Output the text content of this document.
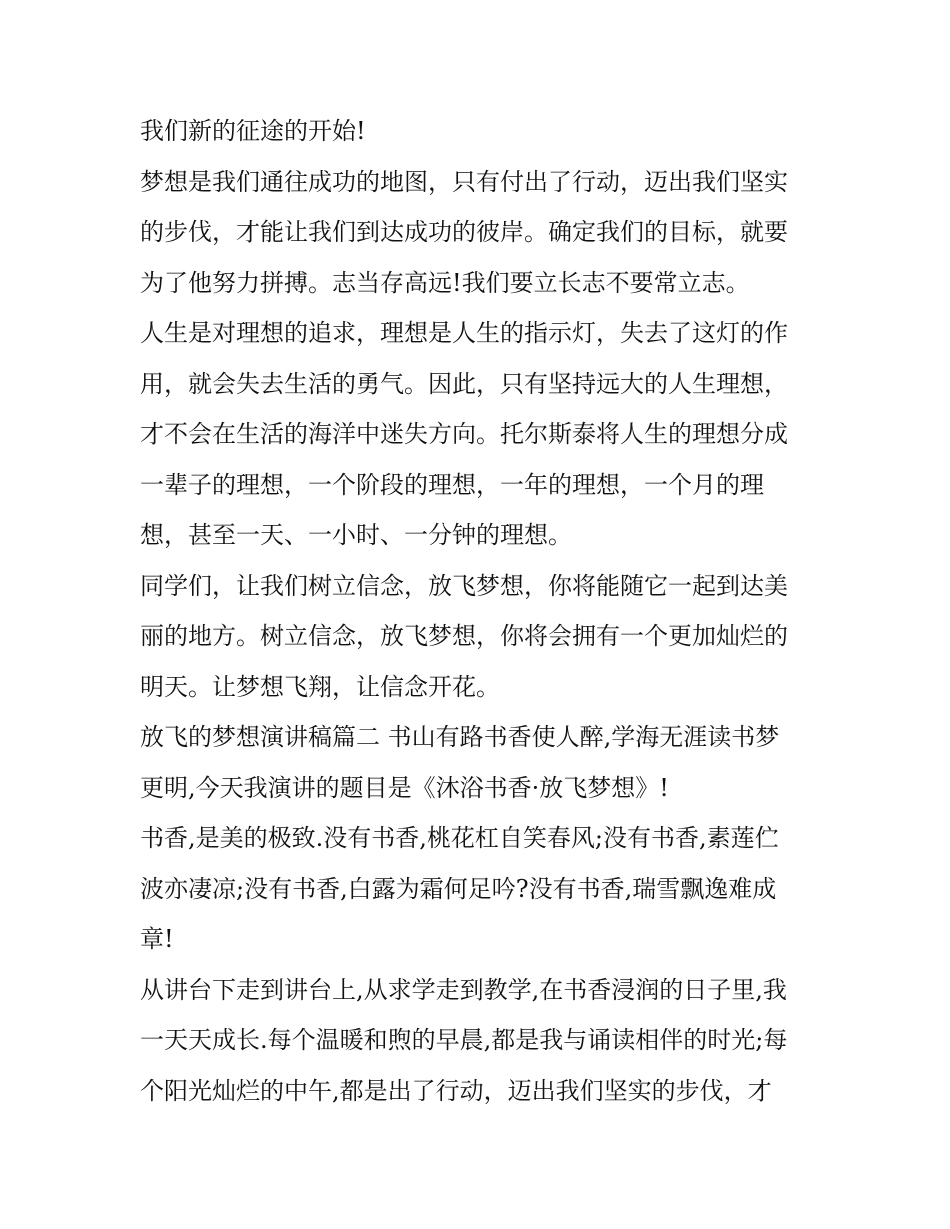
我们新的征途的开始!

梦想是我们通往成功的地图，只有付出了行动，迈出我们坚实
的步伐，才能让我们到达成功的彼岸。确定我们的目标，就要
为了他努力拼搏。志当存高远!我们要立长志不要常立志。

人生是对理想的追求，理想是人生的指示灯，失去了这灯的作
用，就会失去生活的勇气。因此，只有坚持远大的人生理想，
才不会在生活的海洋中迷失方向。托尔斯泰将人生的理想分成
一辈子的理想，一个阶段的理想，一年的理想，一个月的理
想，甚至一天、一小时、一分钟的理想。

同学们，让我们树立信念，放飞梦想，你将能随它一起到达美
丽的地方。树立信念，放飞梦想，你将会拥有一个更加灿烂的
明天。让梦想飞翔，让信念开花。

放飞的梦想演讲稿篇二 书山有路书香使人醉,学海无涯读书梦
更明,今天我演讲的题目是《沐浴书香·放飞梦想》!

书香,是美的极致.没有书香,桃花杠自笑春风;没有书香,素莲伫
波亦凄凉;没有书香,白露为霜何足吟?没有书香,瑞雪飘逸难成
章!

从讲台下走到讲台上,从求学走到教学,在书香浸润的日子里,我
一天天成长.每个温暖和煦的早晨,都是我与诵读相伴的时光;每
个阳光灿烂的中午,都是出了行动，迈出我们坚实的步伐，才
